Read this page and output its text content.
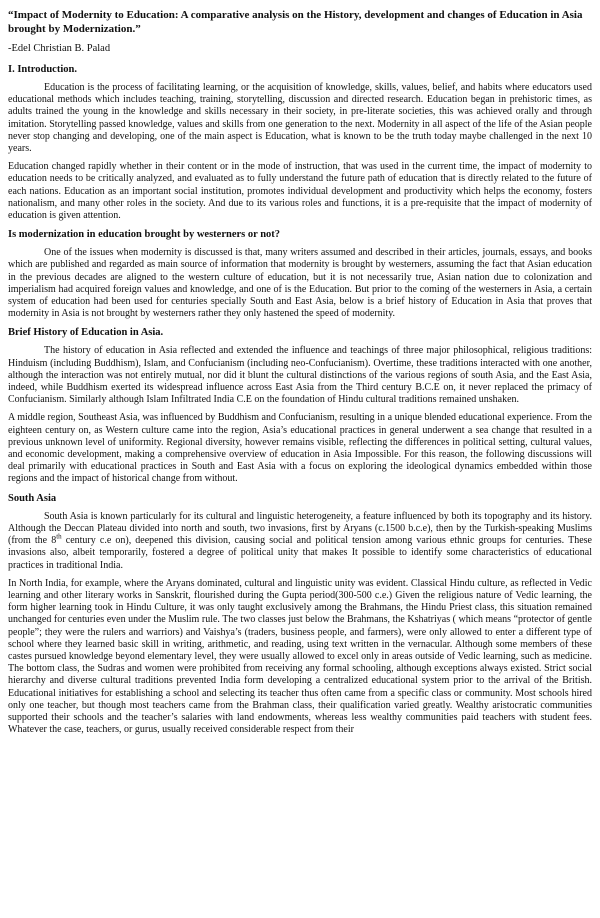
“Impact of Modernity to Education: A comparative analysis on the History, development and changes of Education in Asia brought by Modernization.”

-Edel Christian B. Palad

I. Introduction.

Education is the process of facilitating learning, or the acquisition of knowledge, skills, values, belief, and habits where educators used educational methods which includes teaching, training, storytelling, discussion and directed research. Education began in prehistoric times, as adults trained the young in the knowledge and skills necessary in their society, in pre-literate societies, this was achieved orally and through imitation. Storytelling passed knowledge, values and skills from one generation to the next. Modernity in all aspect of the life of the Asian people never stop changing and developing, one of the main aspect is Education, what is known to be the truth today maybe challenged in the next 10 years.

Education changed rapidly whether in their content or in the mode of instruction, that was used in the current time, the impact of modernity to education needs to be critically analyzed, and evaluated as to fully understand the future path of education that is directly related to the future of each nations. Education as an important social institution, promotes individual development and productivity which helps the economy, fosters nationalism, and many other roles in the society. And due to its various roles and functions, it is a pre-requisite that the impact of modernity of education is given attention.

Is modernization in education brought by westerners or not?

One of the issues when modernity is discussed is that, many writers assumed and described in their articles, journals, essays, and books which are published and regarded as main source of information that modernity is brought by westerners, assuming the fact that Asian education in the previous decades are aligned to the western culture of education, but it is not necessarily true, Asian nation due to colonization and imperialism had acquired foreign values and knowledge, and one of is the Education. But prior to the coming of the westerners in Asia, a certain system of education had been used for centuries specially South and East Asia, below is a brief history of Education in Asia that proves that modernity in Asia is not brought by westerners rather they only hastened the speed of modernity.

Brief History of Education in Asia.

The history of education in Asia reflected and extended the influence and teachings of three major philosophical, religious traditions: Hinduism (including Buddhism), Islam, and Confucianism (including neo-Confucianism). Overtime, these traditions interacted with one another, although the interaction was not entirely mutual, nor did it blunt the cultural distinctions of the various regions of south Asia, and the East Asia, indeed, while Buddhism exerted its widespread influence across East Asia from the Third century B.C.E on, it never replaced the primacy of Confucianism. Similarly although Islam Infiltrated India C.E on the foundation of Hindu cultural traditions remained unshaken.

A middle region, Southeast Asia, was influenced by Buddhism and Confucianism, resulting in a unique blended educational experience. From the eighteen century on, as Western culture came into the region, Asia’s educational practices in general underwent a sea change that resulted in a previous unknown level of uniformity. Regional diversity, however remains visible, reflecting the differences in political setting, cultural values, and economic development, making a comprehensive overview of education in Asia Impossible. For this reason, the following discussions will deal primarily with educational practices in South and East Asia with a focus on exploring the ideological dynamics embedded within those regions and the impact of historical change from without.

South Asia

South Asia is known particularly for its cultural and linguistic heterogeneity, a feature influenced by both its topography and its history. Although the Deccan Plateau divided into north and south, two invasions, first by Aryans (c.1500 b.c.e), then by the Turkish-speaking Muslims (from the 8th century c.e on), deepened this division, causing social and political tension among various ethnic groups for centuries. These invasions also, albeit temporarily, fostered a degree of political unity that makes It possible to identify some characteristics of educational practices in traditional India.

In North India, for example, where the Aryans dominated, cultural and linguistic unity was evident. Classical Hindu culture, as reflected in Vedic learning and other literary works in Sanskrit, flourished during the Gupta period(300-500 c.e.) Given the religious nature of Vedic learning, the form higher learning took in Hindu Culture, it was only taught exclusively among the Brahmans, the Hindu Priest class, this situation remained unchanged for centuries even under the Muslim rule. The two classes just below the Brahmans, the Kshatriyas ( which means “protector of gentle people”; they were the rulers and warriors) and Vaishya’s (traders, business people, and farmers), were only allowed to enter a different type of school where they learned basic skill in writing, arithmetic, and reading, using text written in the vernacular. Although some members of these castes pursued knowledge beyond elementary level, they were usually allowed to excel only in areas outside of Vedic learning, such as medicine. The bottom class, the Sudras and women were prohibited from receiving any formal schooling, although exceptions always existed. Strict social hierarchy and diverse cultural traditions prevented India form developing a centralized educational system prior to the arrival of the British. Educational initiatives for establishing a school and selecting its teacher thus often came from a specific class or community. Most schools hired only one teacher, but though most teachers came from the Brahman class, their qualification varied greatly. Wealthy aristocratic communities supported their schools and the teacher’s salaries with land endowments, whereas less wealthy communities paid teachers with student fees. Whatever the case, teachers, or gurus, usually received considerable respect from their
